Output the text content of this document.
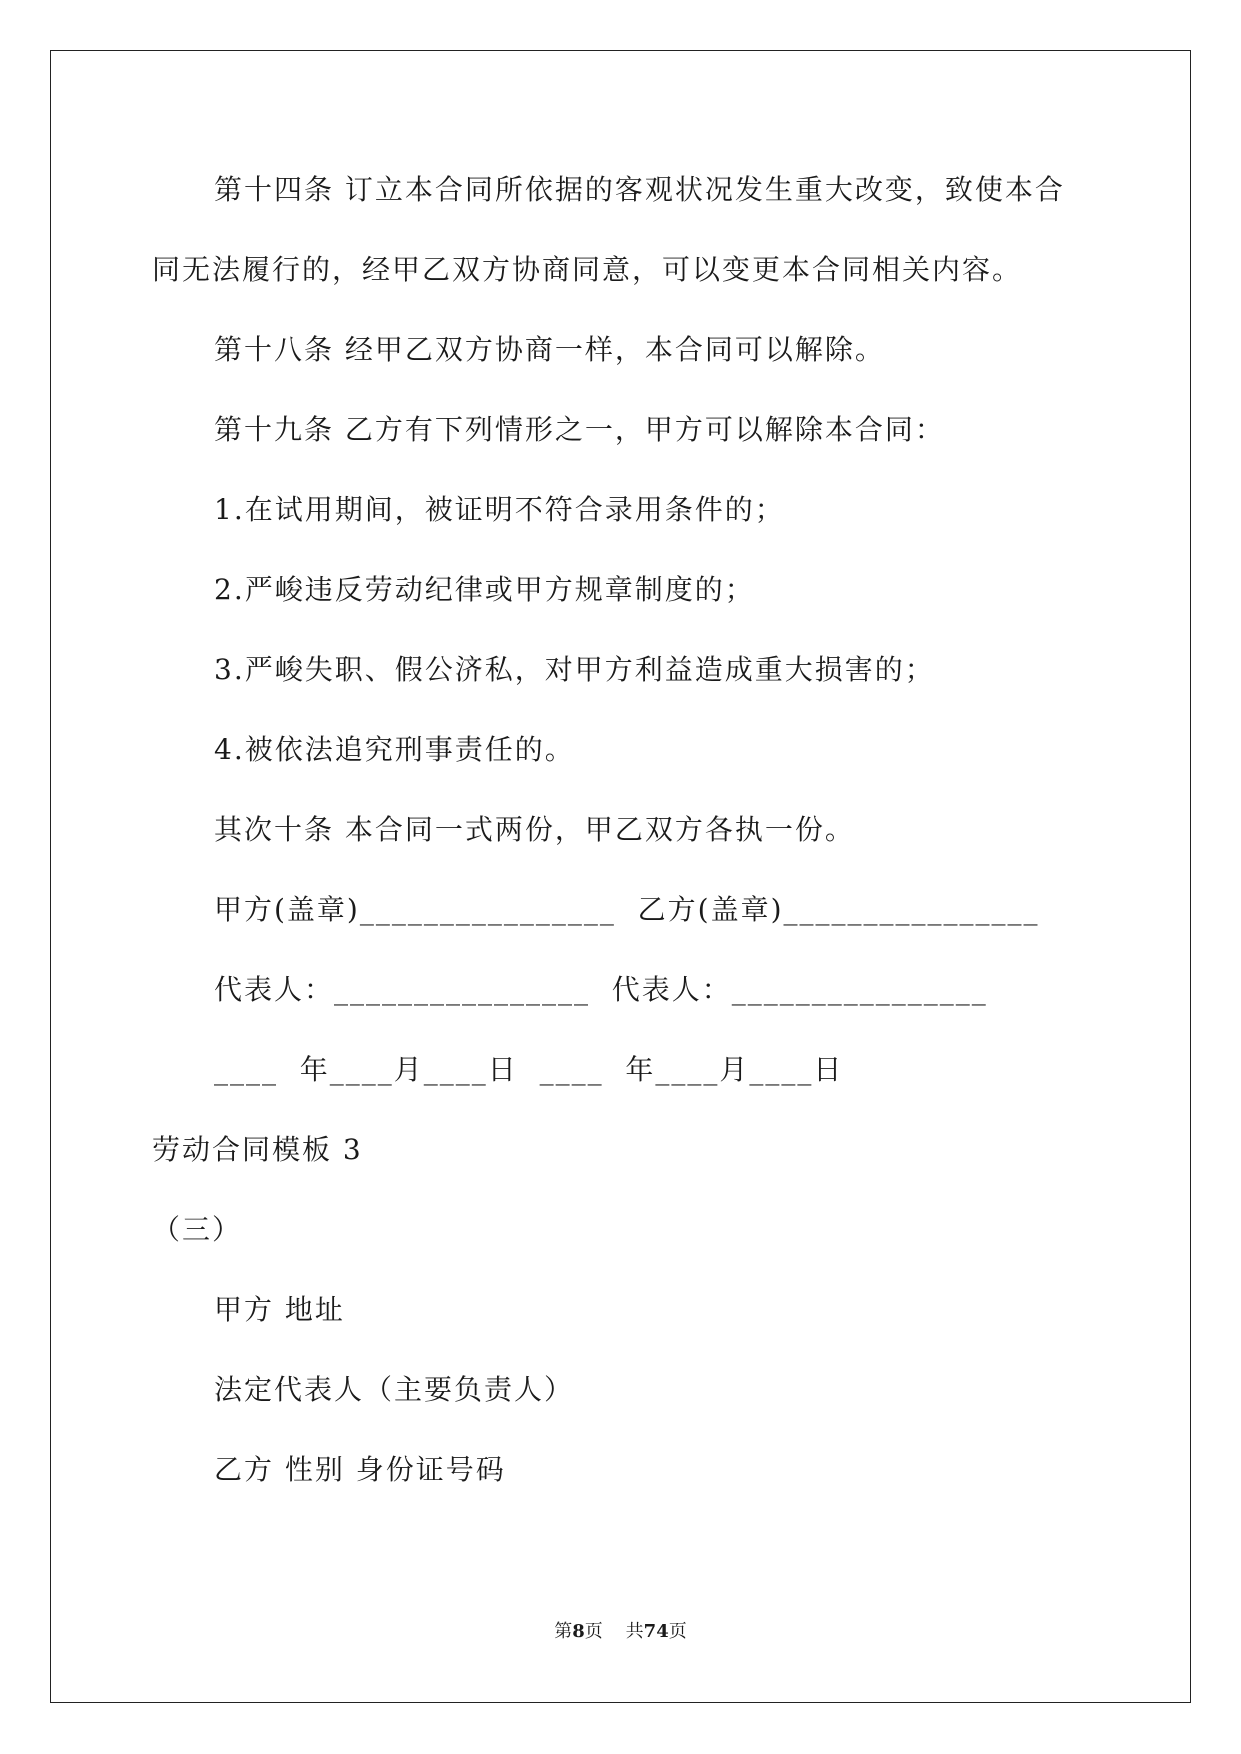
第十四条 订立本合同所依据的客观状况发生重大改变，致使本合
同无法履行的，经甲乙双方协商同意，可以变更本合同相关内容。
第十八条 经甲乙双方协商一样，本合同可以解除。
第十九条 乙方有下列情形之一，甲方可以解除本合同：
1.在试用期间，被证明不符合录用条件的；
2.严峻违反劳动纪律或甲方规章制度的；
3.严峻失职、假公济私，对甲方利益造成重大损害的；
4.被依法追究刑事责任的。
其次十条 本合同一式两份，甲乙双方各执一份。
甲方(盖章)________________  乙方(盖章)________________
代表人：________________  代表人：________________
____  年____月____日  ____  年____月____日
劳动合同模板 3
（三）
甲方 地址
法定代表人（主要负责人）
乙方 性别 身份证号码
第8页 共74页
